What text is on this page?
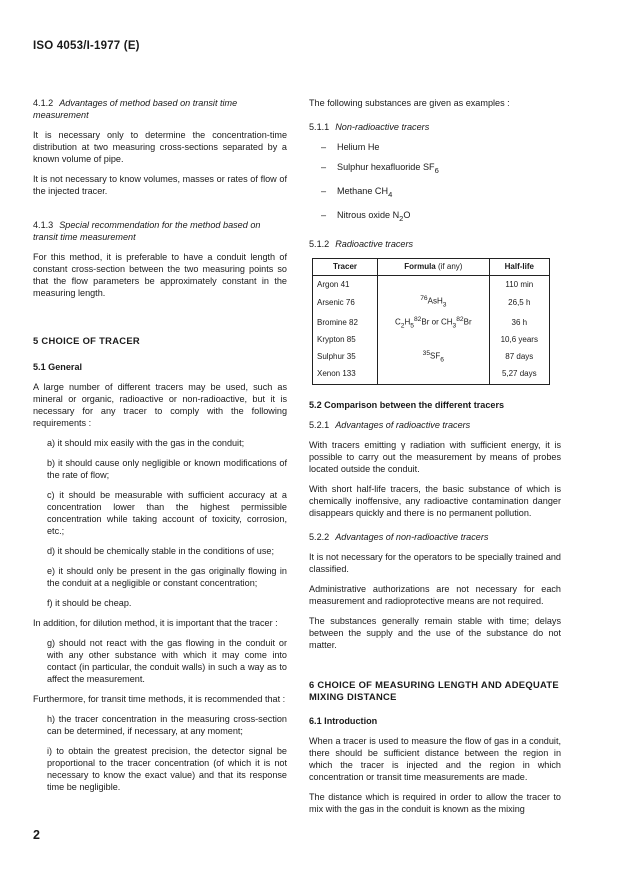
ISO 4053/I-1977 (E)
4.1.2 Advantages of method based on transit time measurement

It is necessary only to determine the concentration-time distribution at two measuring cross-sections separated by a known volume of pipe.

It is not necessary to know volumes, masses or rates of flow of the injected tracer.

4.1.3 Special recommendation for the method based on transit time measurement

For this method, it is preferable to have a conduit length of constant cross-section between the two measuring points so that the flow parameters be approximately constant in the measuring length.

5 CHOICE OF TRACER
5.1 General

A large number of different tracers may be used, such as mineral or organic, radioactive or non-radioactive, but it is necessary for any tracer to comply with the following requirements :

a) it should mix easily with the gas in the conduit;
b) it should cause only negligible or known modifications of the rate of flow;
c) it should be measurable with sufficient accuracy at a concentration lower than the highest permissible concentration while taking account of toxicity, corrosion, etc.;
d) it should be chemically stable in the conditions of use;
e) it should only be present in the gas originally flowing in the conduit at a negligible or constant concentration;
f) it should be cheap.

In addition, for dilution method, it is important that the tracer :

g) should not react with the gas flowing in the conduit or with any other substance with which it may come into contact (in particular, the conduit walls) in such a way as to affect the measurement.

Furthermore, for transit time methods, it is recommended that :

h) the tracer concentration in the measuring cross-section can be determined, if necessary, at any moment;
i) to obtain the greatest precision, the detector signal be proportional to the tracer concentration (of which it is not necessary to know the exact value) and that its response time be negligible.

The following substances are given as examples :

5.1.1 Non-radioactive tracers
–	Helium He
–	Sulphur hexafluoride $SF_6$
–	Methane $CH_4$
–	Nitrous oxide $N_2O$
5.1.2 Radioactive tracers
Tracer	Formula (if any)	Half-life
Argon 41		110 min
Arsenic 76	$^{76}$AsH$_3$	26,5 h
Bromine 82	$C_2H_5^{82}Br$ or $CH_3^{82}Br$	36 h
Krypton 85		10,6 years
Sulphur 35	$^{35}SF_6$	87 days
Xenon 133		5,27 days
5.2 Comparison between the different tracers
5.2.1 Advantages of radioactive tracers

With tracers emitting γ radiation with sufficient energy, it is possible to carry out the measurement by means of probes located outside the conduit.

With short half-life tracers, the basic substance of which is chemically inoffensive, any radioactive contamination danger disappears quickly and there is no permanent pollution.

5.2.2 Advantages of non-radioactive tracers

It is not necessary for the operators to be specially trained and classified.

Administrative authorizations are not necessary for each measurement and radioprotective means are not required.

The substances generally remain stable with time; delays between the supply and the use of the substance do not matter.

6 CHOICE OF MEASURING LENGTH AND ADEQUATE MIXING DISTANCE
6.1 Introduction

When a tracer is used to measure the flow of gas in a conduit, there should be sufficient distance between the region in which the tracer is injected and the region in which concentration or transit time measurements are made.

The distance which is required in order to allow the tracer to mix with the gas in the conduit is known as the mixing

2
